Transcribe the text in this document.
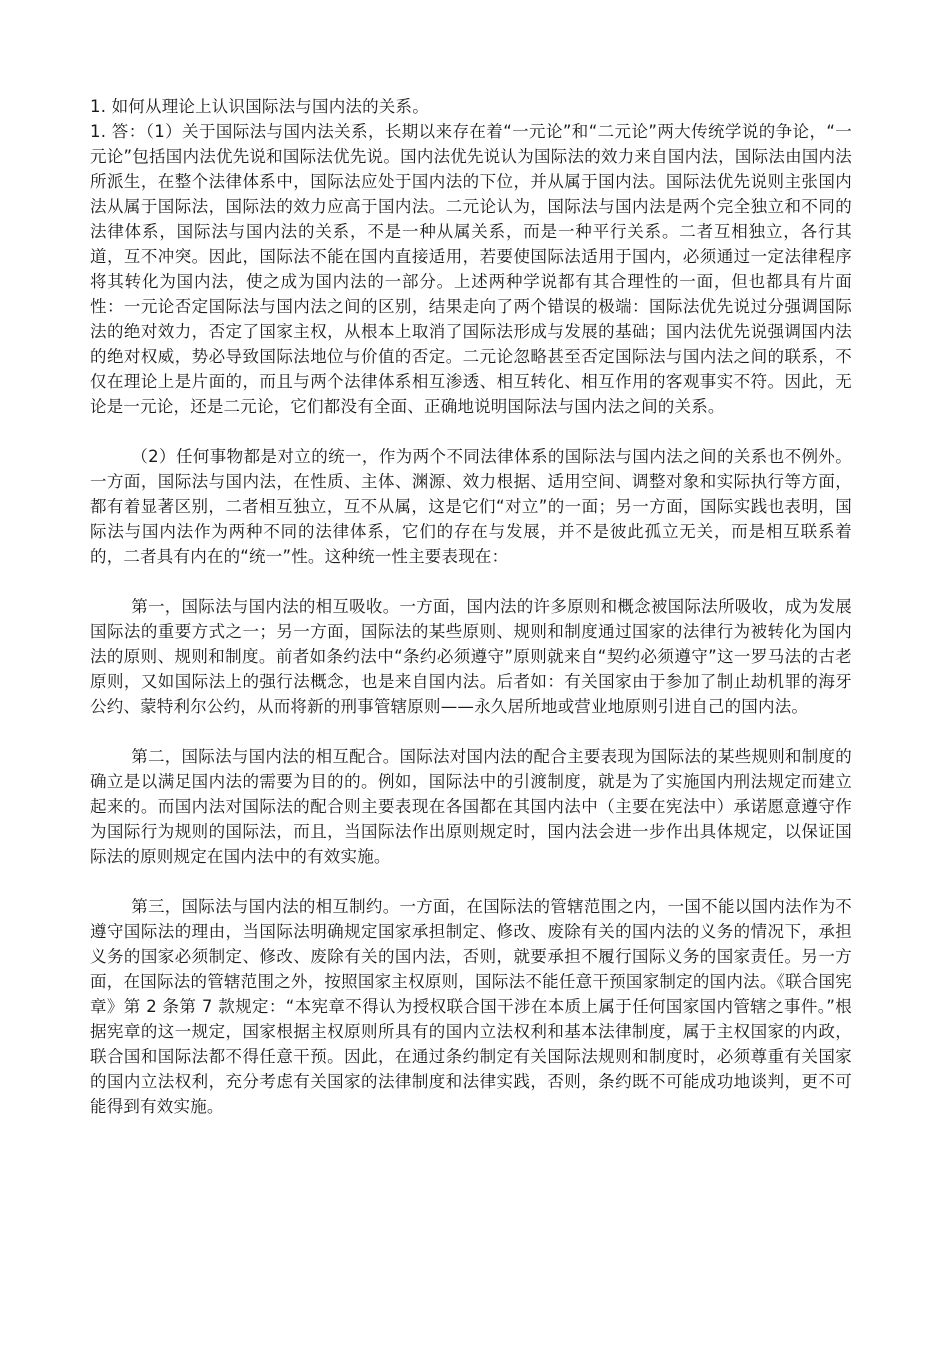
1. 如何从理论上认识国际法与国内法的关系。

1. 答：（1）关于国际法与国内法关系，长期以来存在着“一元论”和“二元论”两大传统学说的争论，“一元论”包括国内法优先说和国际法优先说。国内法优先说认为国际法的效力来自国内法，国际法由国内法所派生，在整个法律体系中，国际法应处于国内法的下位，并从属于国内法。国际法优先说则主张国内法从属于国际法，国际法的效力应高于国内法。二元论认为，国际法与国内法是两个完全独立和不同的法律体系，国际法与国内法的关系，不是一种从属关系，而是一种平行关系。二者互相独立，各行其道，互不冲突。因此，国际法不能在国内直接适用，若要使国际法适用于国内，必须通过一定法律程序将其转化为国内法，使之成为国内法的一部分。上述两种学说都有其合理性的一面，但也都具有片面性：一元论否定国际法与国内法之间的区别，结果走向了两个错误的极端：国际法优先说过分强调国际法的绝对效力，否定了国家主权，从根本上取消了国际法形成与发展的基础；国内法优先说强调国内法的绝对权威，势必导致国际法地位与价值的否定。二元论忽略甚至否定国际法与国内法之间的联系，不仅在理论上是片面的，而且与两个法律体系相互渗透、相互转化、相互作用的客观事实不符。因此，无论是一元论，还是二元论，它们都没有全面、正确地说明国际法与国内法之间的关系。

（2）任何事物都是对立的统一，作为两个不同法律体系的国际法与国内法之间的关系也不例外。一方面，国际法与国内法，在性质、主体、渊源、效力根据、适用空间、调整对象和实际执行等方面，都有着显著区别，二者相互独立，互不从属，这是它们“对立”的一面；另一方面，国际实践也表明，国际法与国内法作为两种不同的法律体系，它们的存在与发展，并不是彼此孤立无关，而是相互联系着的，二者具有内在的“统一”性。这种统一性主要表现在：

第一，国际法与国内法的相互吸收。一方面，国内法的许多原则和概念被国际法所吸收，成为发展国际法的重要方式之一；另一方面，国际法的某些原则、规则和制度通过国家的法律行为被转化为国内法的原则、规则和制度。前者如条约法中“条约必须遵守”原则就来自“契约必须遵守”这一罗马法的古老原则，又如国际法上的强行法概念，也是来自国内法。后者如：有关国家由于参加了制止劫机罪的海牙公约、蒙特利尔公约，从而将新的刑事管辖原则——永久居所地或营业地原则引进自己的国内法。

第二，国际法与国内法的相互配合。国际法对国内法的配合主要表现为国际法的某些规则和制度的确立是以满足国内法的需要为目的的。例如，国际法中的引渡制度，就是为了实施国内刑法规定而建立起来的。而国内法对国际法的配合则主要表现在各国都在其国内法中（主要在宪法中）承诺愿意遵守作为国际行为规则的国际法，而且，当国际法作出原则规定时，国内法会进一步作出具体规定，以保证国际法的原则规定在国内法中的有效实施。

第三，国际法与国内法的相互制约。一方面，在国际法的管辖范围之内，一国不能以国内法作为不遵守国际法的理由，当国际法明确规定国家承担制定、修改、废除有关的国内法的义务的情况下，承担义务的国家必须制定、修改、废除有关的国内法，否则，就要承担不履行国际义务的国家责任。另一方面，在国际法的管辖范围之外，按照国家主权原则，国际法不能任意干预国家制定的国内法。《联合国宪章》第 2 条第 7 款规定：“本宪章不得认为授权联合国干涉在本质上属于任何国家国内管辖之事件。”根据宪章的这一规定，国家根据主权原则所具有的国内立法权利和基本法律制度，属于主权国家的内政，联合国和国际法都不得任意干预。因此，在通过条约制定有关国际法规则和制度时，必须尊重有关国家的国内立法权利，充分考虑有关国家的法律制度和法律实践，否则，条约既不可能成功地谈判，更不可能得到有效实施。
